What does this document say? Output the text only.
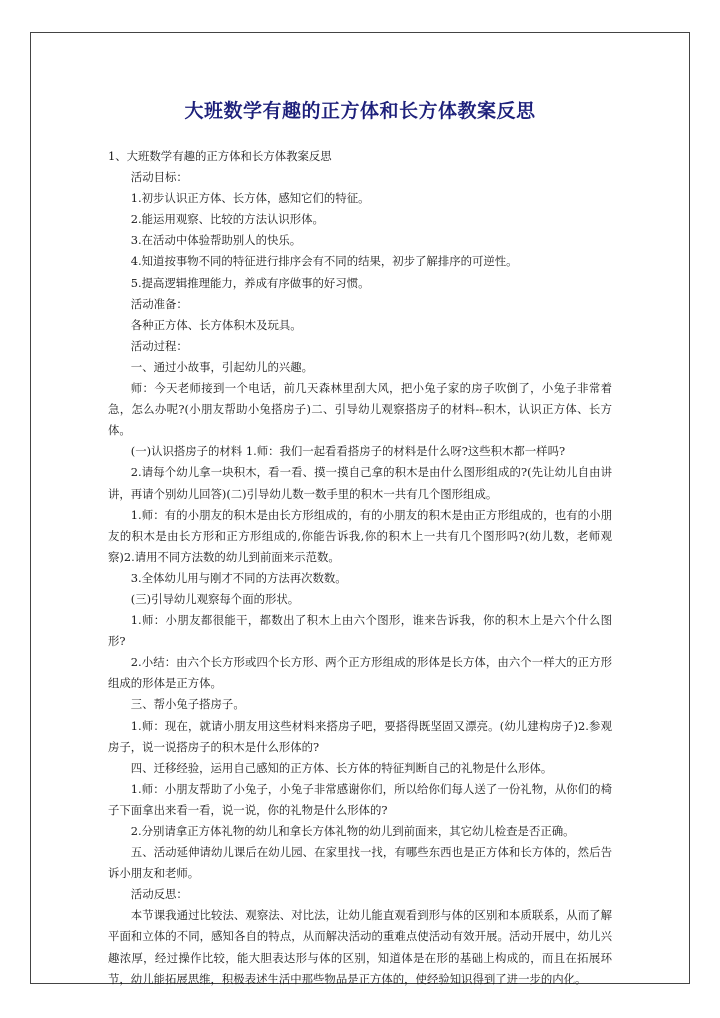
大班数学有趣的正方体和长方体教案反思

1、大班数学有趣的正方体和长方体教案反思

活动目标：

1.初步认识正方体、长方体，感知它们的特征。

2.能运用观察、比较的方法认识形体。

3.在活动中体验帮助别人的快乐。

4.知道按事物不同的特征进行排序会有不同的结果，初步了解排序的可逆性。

5.提高逻辑推理能力，养成有序做事的好习惯。

活动准备：

各种正方体、长方体积木及玩具。

活动过程：

一、通过小故事，引起幼儿的兴趣。

师：今天老师接到一个电话，前几天森林里刮大风，把小兔子家的房子吹倒了，小兔子非常着急，怎么办呢?(小朋友帮助小兔搭房子)二、引导幼儿观察搭房子的材料--积木，认识正方体、长方体。

(一)认识搭房子的材料 1.师：我们一起看看搭房子的材料是什么呀?这些积木都一样吗?

2.请每个幼儿拿一块积木，看一看、摸一摸自己拿的积木是由什么图形组成的?(先让幼儿自由讲讲，再请个别幼儿回答)(二)引导幼儿数一数手里的积木一共有几个图形组成。

1.师：有的小朋友的积木是由长方形组成的，有的小朋友的积木是由正方形组成的，也有的小朋友的积木是由长方形和正方形组成的,你能告诉我,你的积木上一共有几个图形吗?(幼儿数，老师观察)2.请用不同方法数的幼儿到前面来示范数。

3.全体幼儿用与刚才不同的方法再次数数。

(三)引导幼儿观察每个面的形状。

1.师：小朋友都很能干，都数出了积木上由六个图形，谁来告诉我，你的积木上是六个什么图形?

2.小结：由六个长方形或四个长方形、两个正方形组成的形体是长方体，由六个一样大的正方形组成的形体是正方体。

三、帮小兔子搭房子。

1.师：现在，就请小朋友用这些材料来搭房子吧，要搭得既坚固又漂亮。(幼儿建构房子)2.参观房子，说一说搭房子的积木是什么形体的?

四、迁移经验，运用自己感知的正方体、长方体的特征判断自己的礼物是什么形体。

1.师：小朋友帮助了小兔子，小兔子非常感谢你们，所以给你们每人送了一份礼物，从你们的椅子下面拿出来看一看，说一说，你的礼物是什么形体的?

2.分别请拿正方体礼物的幼儿和拿长方体礼物的幼儿到前面来，其它幼儿检查是否正确。

五、活动延伸请幼儿课后在幼儿园、在家里找一找，有哪些东西也是正方体和长方体的，然后告诉小朋友和老师。

活动反思：

本节课我通过比较法、观察法、对比法，让幼儿能直观看到形与体的区别和本质联系，从而了解平面和立体的不同，感知各自的特点，从而解决活动的重难点使活动有效开展。活动开展中，幼儿兴趣浓厚，经过操作比较，能大胆表达形与体的区别，知道体是在形的基础上构成的，而且在拓展环节，幼儿能拓展思维，积极表述生活中那些物品是正方体的，使经验知识得到了进一步的内化。
